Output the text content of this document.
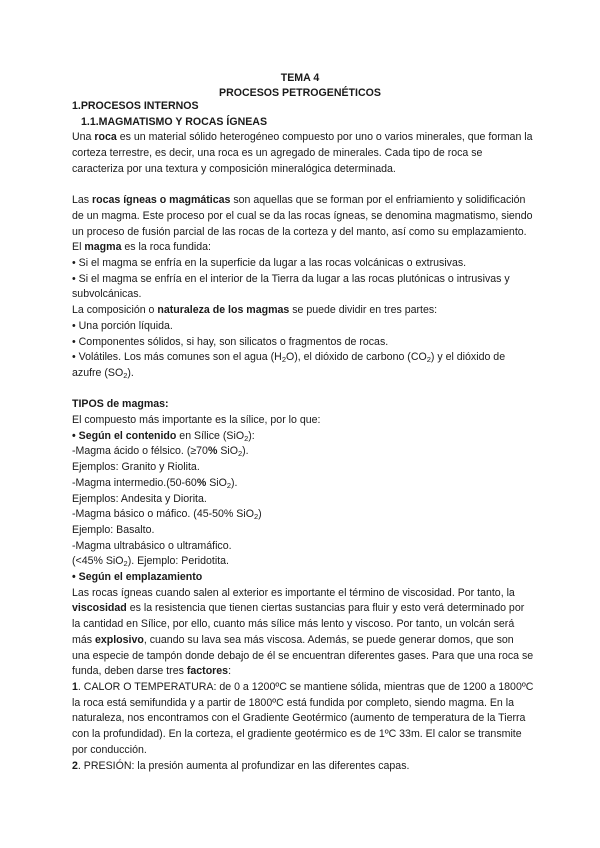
TEMA 4
PROCESOS PETROGENÉTICOS

1.PROCESOS INTERNOS

1.1.MAGMATISMO Y ROCAS ÍGNEAS

Una roca es un material sólido heterogéneo compuesto por uno o varios minerales, que forman la corteza terrestre, es decir, una roca es un agregado de minerales. Cada tipo de roca se caracteriza por una textura y composición mineralógica determinada.

Las rocas ígneas o magmáticas son aquellas que se forman por el enfriamiento y solidificación de un magma. Este proceso por el cual se da las rocas ígneas, se denomina magmatismo, siendo un proceso de fusión parcial de las rocas de la corteza y del manto, así como su emplazamiento.

El magma es la roca fundida:

• Si el magma se enfría en la superficie da lugar a las rocas volcánicas o extrusivas.

• Si el magma se enfría en el interior de la Tierra da lugar a las rocas plutónicas o intrusivas y subvolcánicas.

La composición o naturaleza de los magmas se puede dividir en tres partes:

• Una porción líquida.

• Componentes sólidos, si hay, son silicatos o fragmentos de rocas.

• Volátiles. Los más comunes son el agua $(H_2O)$, el dióxido de carbono $(CO_2)$ y el dióxido de azufre $(SO_2)$.

TIPOS de magmas:

El compuesto más importante es la sílice, por lo que:

• Según el contenido en Sílice (SiO$_2$):

-Magma ácido o félsico. (≥70% SiO$_2$).

Ejemplos: Granito y Riolita.

-Magma intermedio.(50-60% SiO$_2$).

Ejemplos: Andesita y Diorita.

-Magma básico o máfico. (45-50% SiO$_2$)

Ejemplo: Basalto.

-Magma ultrabásico o ultramáfico.

(<45% SiO$_2$). Ejemplo: Peridotita.

• Según el emplazamiento

Las rocas ígneas cuando salen al exterior es importante el término de viscosidad. Por tanto, la viscosidad es la resistencia que tienen ciertas sustancias para fluir y esto verá determinado por la cantidad en Sílice, por ello, cuanto más sílice más lento y viscoso. Por tanto, un volcán será más explosivo, cuando su lava sea más viscosa. Además, se puede generar domos, que son una especie de tampón donde debajo de él se encuentran diferentes gases. Para que una roca se funda, deben darse tres factores:

1. CALOR O TEMPERATURA: de 0 a 1200ºC se mantiene sólida, mientras que de 1200 a 1800ºC la roca está semifundida y a partir de 1800ºC está fundida por completo, siendo magma. En la naturaleza, nos encontramos con el Gradiente Geotérmico (aumento de temperatura de la Tierra con la profundidad). En la corteza, el gradiente geotérmico es de 1ºC 33m. El calor se transmite por conducción.

2. PRESIÓN: la presión aumenta al profundizar en las diferentes capas.
